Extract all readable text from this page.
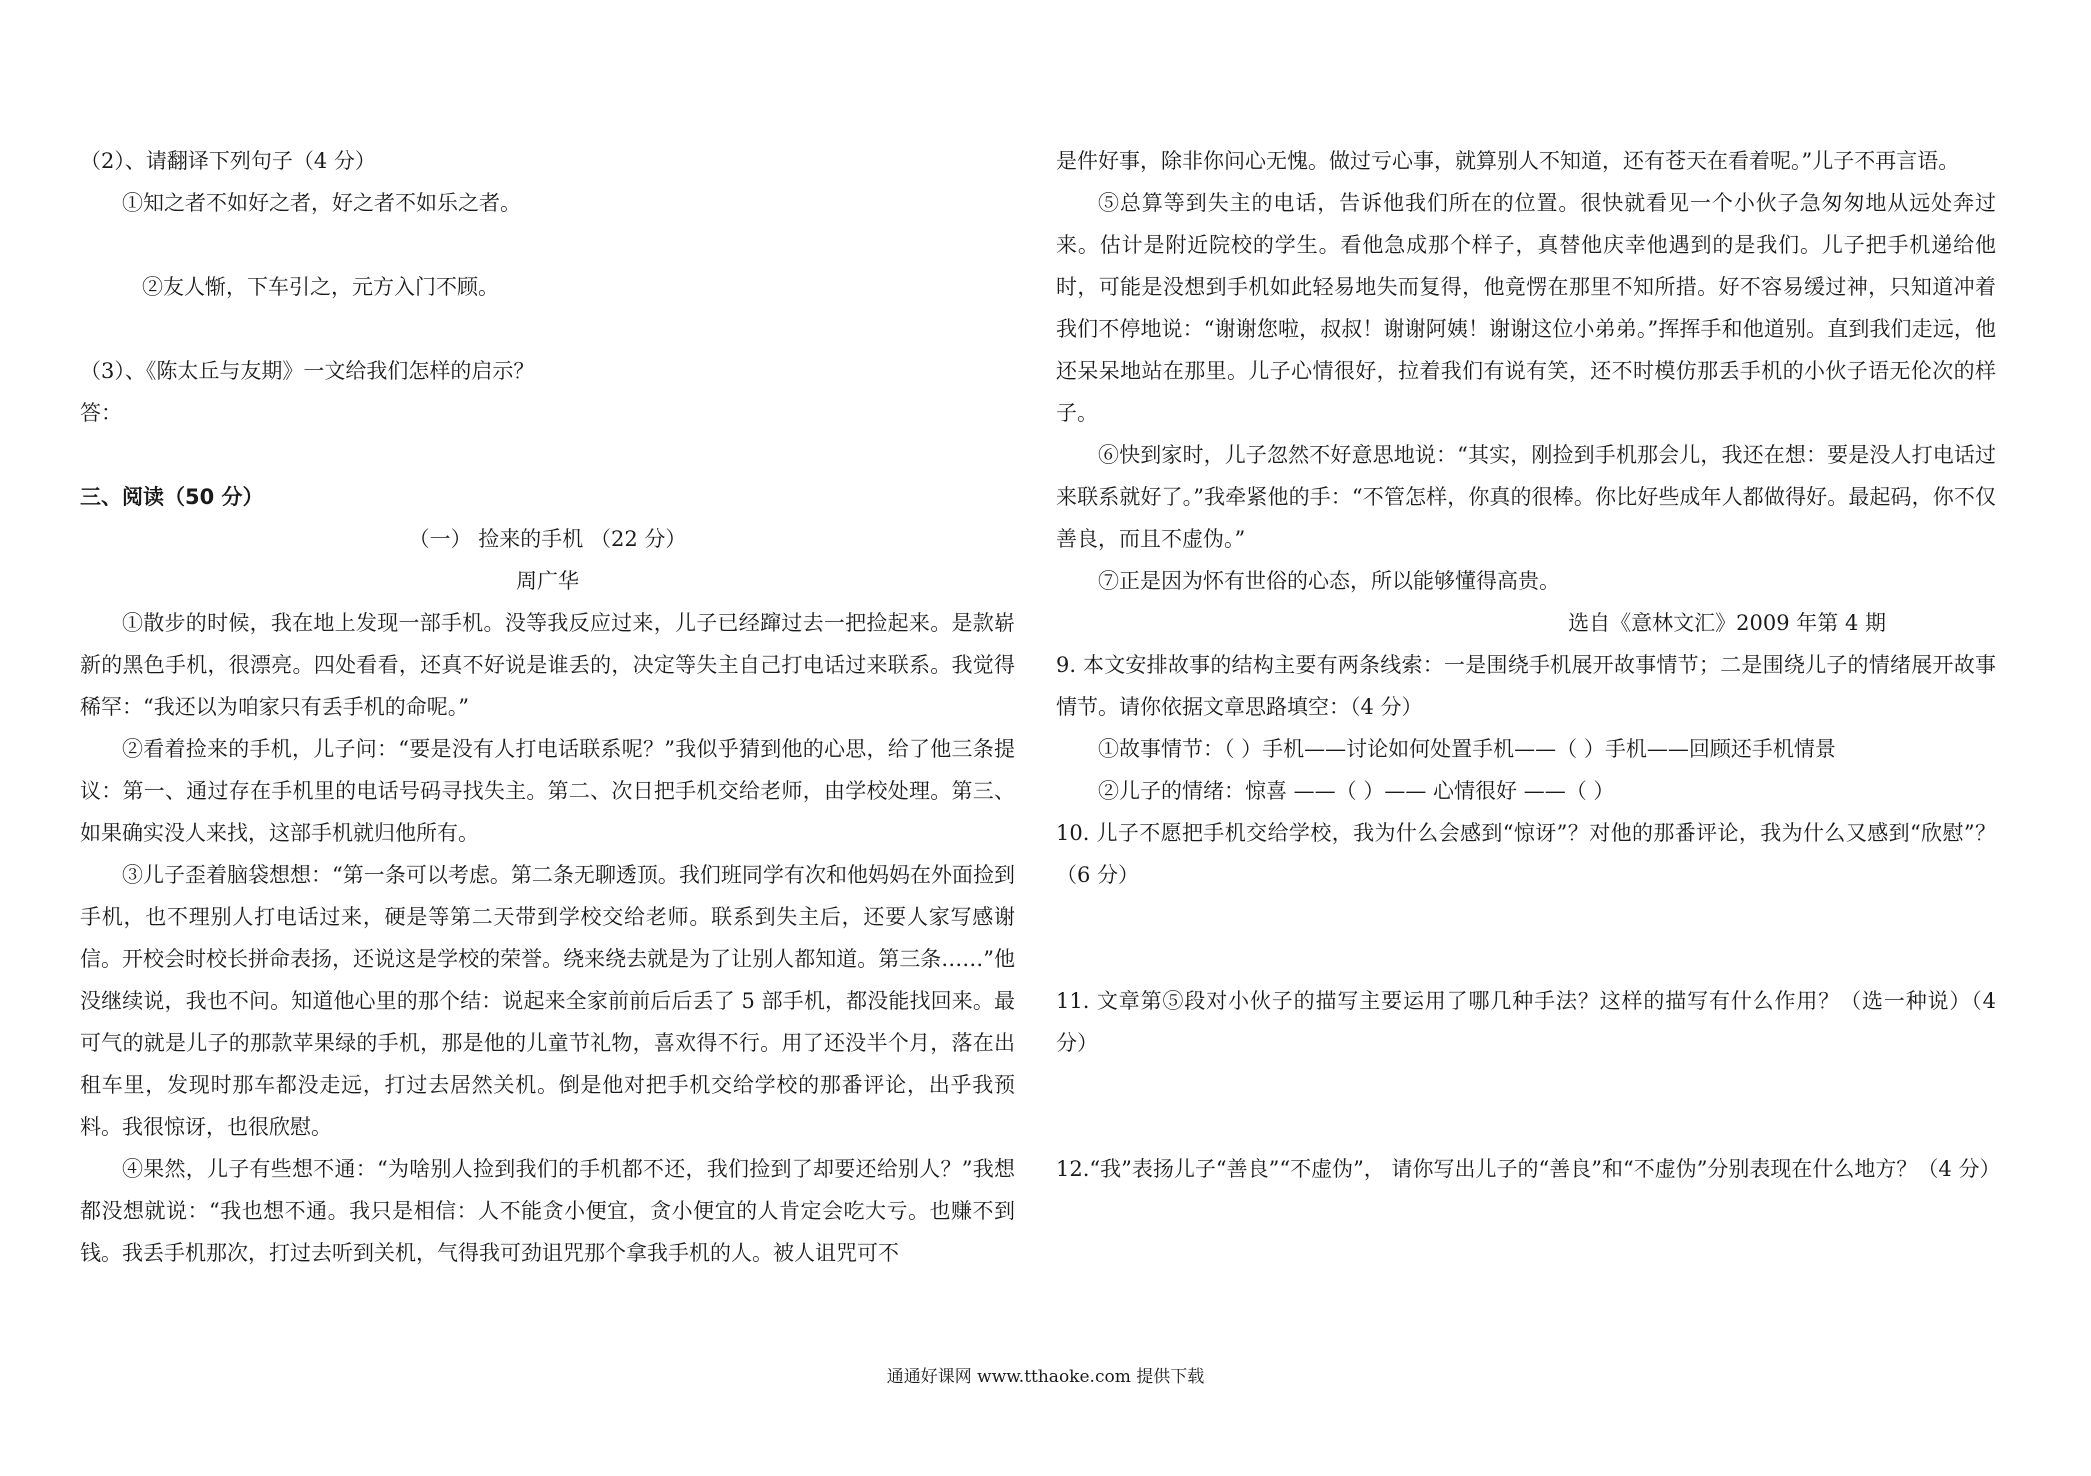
（2）、请翻译下列句子（4 分）

①知之者不如好之者，好之者不如乐之者。

②友人惭，下车引之，元方入门不顾。

（3）、《陈太丘与友期》一文给我们怎样的启示？

答：

三、阅读（50 分）

（一） 捡来的手机 （22 分）

周广华

①散步的时候，我在地上发现一部手机。没等我反应过来，儿子已经蹿过去一把捡起来。是款崭新的黑色手机，很漂亮。四处看看，还真不好说是谁丢的，决定等失主自己打电话过来联系。我觉得稀罕：“我还以为咱家只有丢手机的命呢。”

②看着捡来的手机，儿子问：“要是没有人打电话联系呢？”我似乎猜到他的心思，给了他三条提议：第一、通过存在手机里的电话号码寻找失主。第二、次日把手机交给老师，由学校处理。第三、如果确实没人来找，这部手机就归他所有。

③儿子歪着脑袋想想：“第一条可以考虑。第二条无聊透顶。我们班同学有次和他妈妈在外面捡到手机，也不理别人打电话过来，硬是等第二天带到学校交给老师。联系到失主后，还要人家写感谢信。开校会时校长拼命表扬，还说这是学校的荣誉。绕来绕去就是为了让别人都知道。第三条……”他没继续说，我也不问。知道他心里的那个结：说起来全家前前后后丢了 5 部手机，都没能找回来。最可气的就是儿子的那款苹果绿的手机，那是他的儿童节礼物，喜欢得不行。用了还没半个月，落在出租车里，发现时那车都没走远，打过去居然关机。倒是他对把手机交给学校的那番评论，出乎我预料。我很惊讶，也很欣慰。

④果然，儿子有些想不通：“为啥别人捡到我们的手机都不还，我们捡到了却要还给别人？”我想都没想就说：“我也想不通。我只是相信：人不能贪小便宜，贪小便宜的人肯定会吃大亏。也赚不到钱。我丢手机那次，打过去听到关机，气得我可劲诅咒那个拿我手机的人。被人诅咒可不

是件好事，除非你问心无愧。做过亏心事，就算别人不知道，还有苍天在看着呢。”儿子不再言语。

⑤总算等到失主的电话，告诉他我们所在的位置。很快就看见一个小伙子急匆匆地从远处奔过来。估计是附近院校的学生。看他急成那个样子，真替他庆幸他遇到的是我们。儿子把手机递给他时，可能是没想到手机如此轻易地失而复得，他竟愣在那里不知所措。好不容易缓过神，只知道冲着我们不停地说：“谢谢您啦，叔叔！谢谢阿姨！谢谢这位小弟弟。”挥挥手和他道别。直到我们走远，他还呆呆地站在那里。儿子心情很好，拉着我们有说有笑，还不时模仿那丢手机的小伙子语无伦次的样子。

⑥快到家时，儿子忽然不好意思地说：“其实，刚捡到手机那会儿，我还在想：要是没人打电话过来联系就好了。”我牵紧他的手：“不管怎样，你真的很棒。你比好些成年人都做得好。最起码，你不仅善良，而且不虚伪。”

⑦正是因为怀有世俗的心态，所以能够懂得高贵。

选自《意林文汇》2009 年第 4 期

9. 本文安排故事的结构主要有两条线索：一是围绕手机展开故事情节；二是围绕儿子的情绪展开故事情节。请你依据文章思路填空：（4 分）

①故事情节：（ ）手机——讨论如何处置手机——（ ）手机——回顾还手机情景

②儿子的情绪：惊喜 ——（ ）—— 心情很好 ——（ ）

10. 儿子不愿把手机交给学校，我为什么会感到“惊讶”？对他的那番评论，我为什么又感到“欣慰”？ （6 分）

11. 文章第⑤段对小伙子的描写主要运用了哪几种手法？这样的描写有什么作用？（选一种说）（4 分）

12.“我”表扬儿子“善良”“不虚伪”， 请你写出儿子的“善良”和“不虚伪”分别表现在什么地方？（4 分）

通通好课网 www.tthaoke.com 提供下载
